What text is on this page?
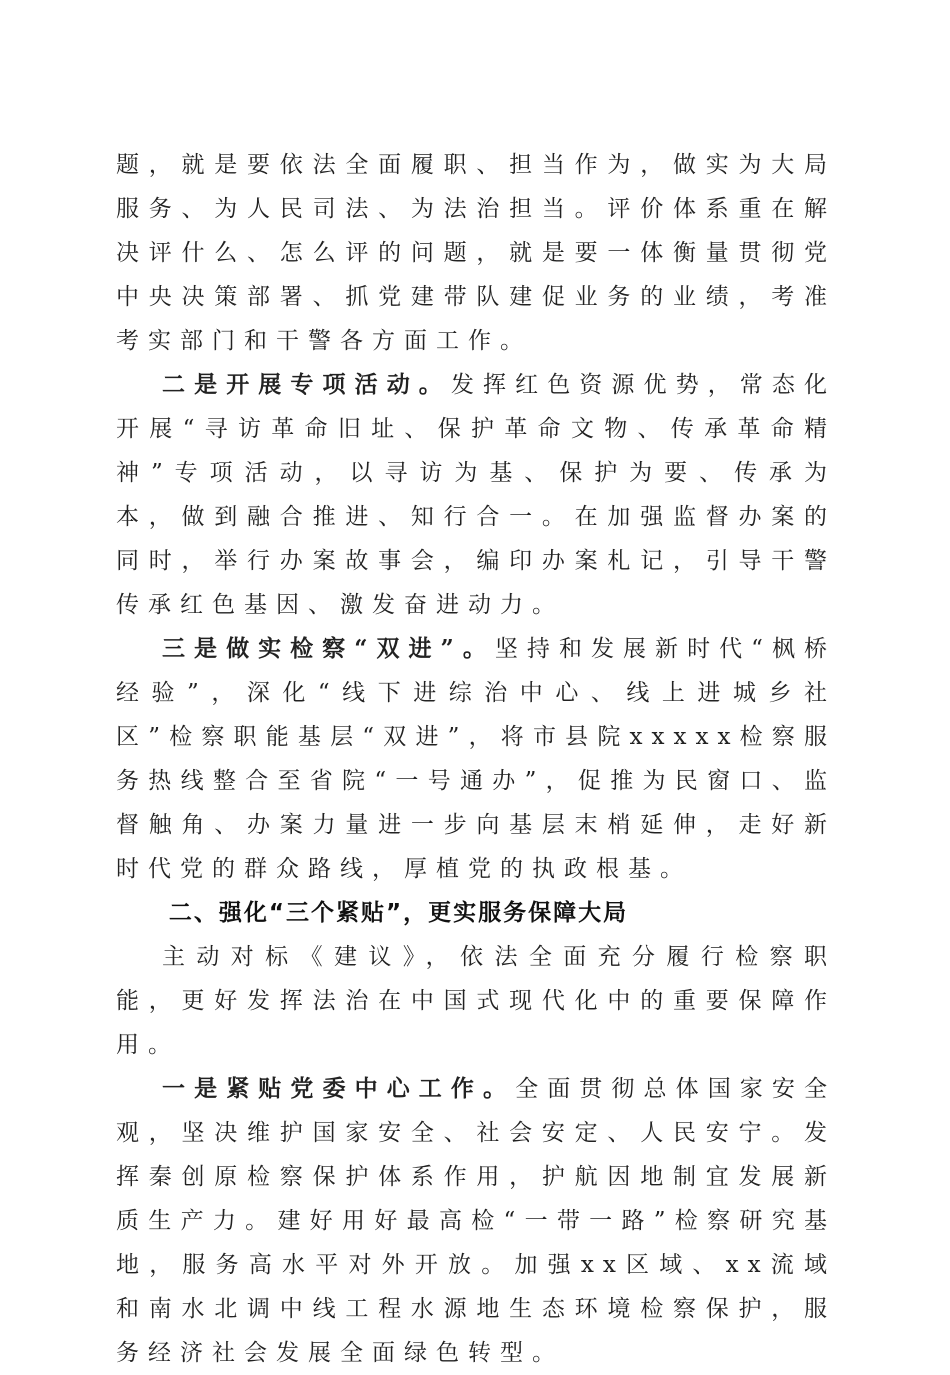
题，就是要依法全面履职、担当作为，做实为大局服务、为人民司法、为法治担当。评价体系重在解决评什么、怎么评的问题，就是要一体衡量贯彻党中央决策部署、抓党建带队建促业务的业绩，考准考实部门和干警各方面工作。

二是开展专项活动。发挥红色资源优势，常态化开展“寻访革命旧址、保护革命文物、传承革命精神”专项活动，以寻访为基、保护为要、传承为本，做到融合推进、知行合一。在加强监督办案的同时，举行办案故事会，编印办案札记，引导干警传承红色基因、激发奋进动力。

三是做实检察“双进”。坚持和发展新时代“枫桥经验”，深化“线下进综治中心、线上进城乡社区”检察职能基层“双进”，将市县院xxxxx检察服务热线整合至省院“一号通办”，促推为民窗口、监督触角、办案力量进一步向基层末梢延伸，走好新时代党的群众路线，厚植党的执政根基。

二、强化“三个紧贴”，更实服务保障大局

主动对标《建议》，依法全面充分履行检察职能，更好发挥法治在中国式现代化中的重要保障作用。

一是紧贴党委中心工作。全面贯彻总体国家安全观，坚决维护国家安全、社会安定、人民安宁。发挥秦创原检察保护体系作用，护航因地制宜发展新质生产力。建好用好最高检“一带一路”检察研究基地，服务高水平对外开放。加强xx区域、xx流域和南水北调中线工程水源地生态环境检察保护，服务经济社会发展全面绿色转型。
